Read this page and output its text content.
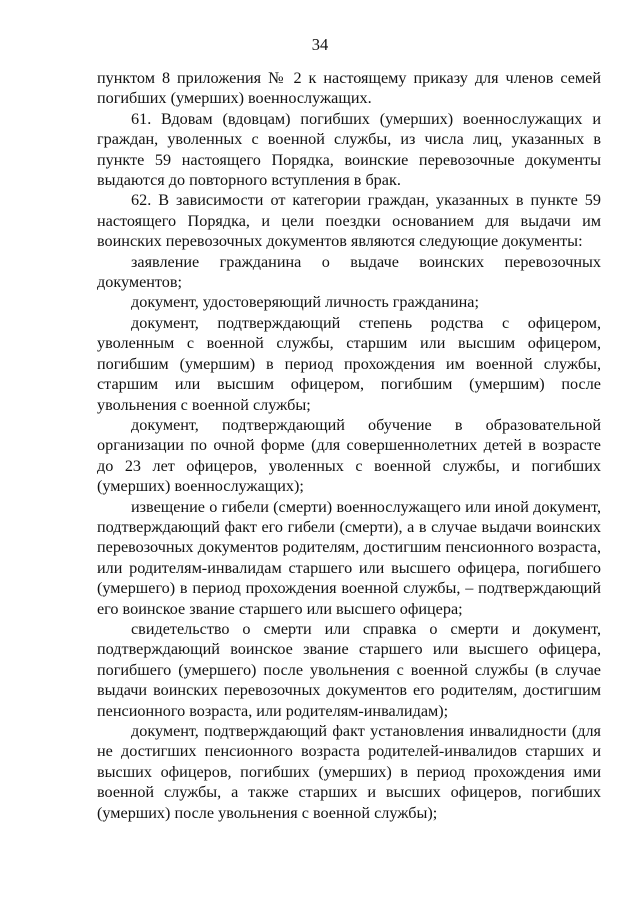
34

пунктом 8 приложения № 2 к настоящему приказу для членов семей погибших (умерших) военнослужащих.

61. Вдовам (вдовцам) погибших (умерших) военнослужащих и граждан, уволенных с военной службы, из числа лиц, указанных в пункте 59 настоящего Порядка, воинские перевозочные документы выдаются до повторного вступления в брак.

62. В зависимости от категории граждан, указанных в пункте 59 настоящего Порядка, и цели поездки основанием для выдачи им воинских перевозочных документов являются следующие документы:

заявление гражданина о выдаче воинских перевозочных документов;

документ, удостоверяющий личность гражданина;

документ, подтверждающий степень родства с офицером, уволенным с военной службы, старшим или высшим офицером, погибшим (умершим) в период прохождения им военной службы, старшим или высшим офицером, погибшим (умершим) после увольнения с военной службы;

документ, подтверждающий обучение в образовательной организации по очной форме (для совершеннолетних детей в возрасте до 23 лет офицеров, уволенных с военной службы, и погибших (умерших) военнослужащих);

извещение о гибели (смерти) военнослужащего или иной документ, подтверждающий факт его гибели (смерти), а в случае выдачи воинских перевозочных документов родителям, достигшим пенсионного возраста, или родителям-инвалидам старшего или высшего офицера, погибшего (умершего) в период прохождения военной службы, – подтверждающий его воинское звание старшего или высшего офицера;

свидетельство о смерти или справка о смерти и документ, подтверждающий воинское звание старшего или высшего офицера, погибшего (умершего) после увольнения с военной службы (в случае выдачи воинских перевозочных документов его родителям, достигшим пенсионного возраста, или родителям-инвалидам);

документ, подтверждающий факт установления инвалидности (для не достигших пенсионного возраста родителей-инвалидов старших и высших офицеров, погибших (умерших) в период прохождения ими военной службы, а также старших и высших офицеров, погибших (умерших) после увольнения с военной службы);
